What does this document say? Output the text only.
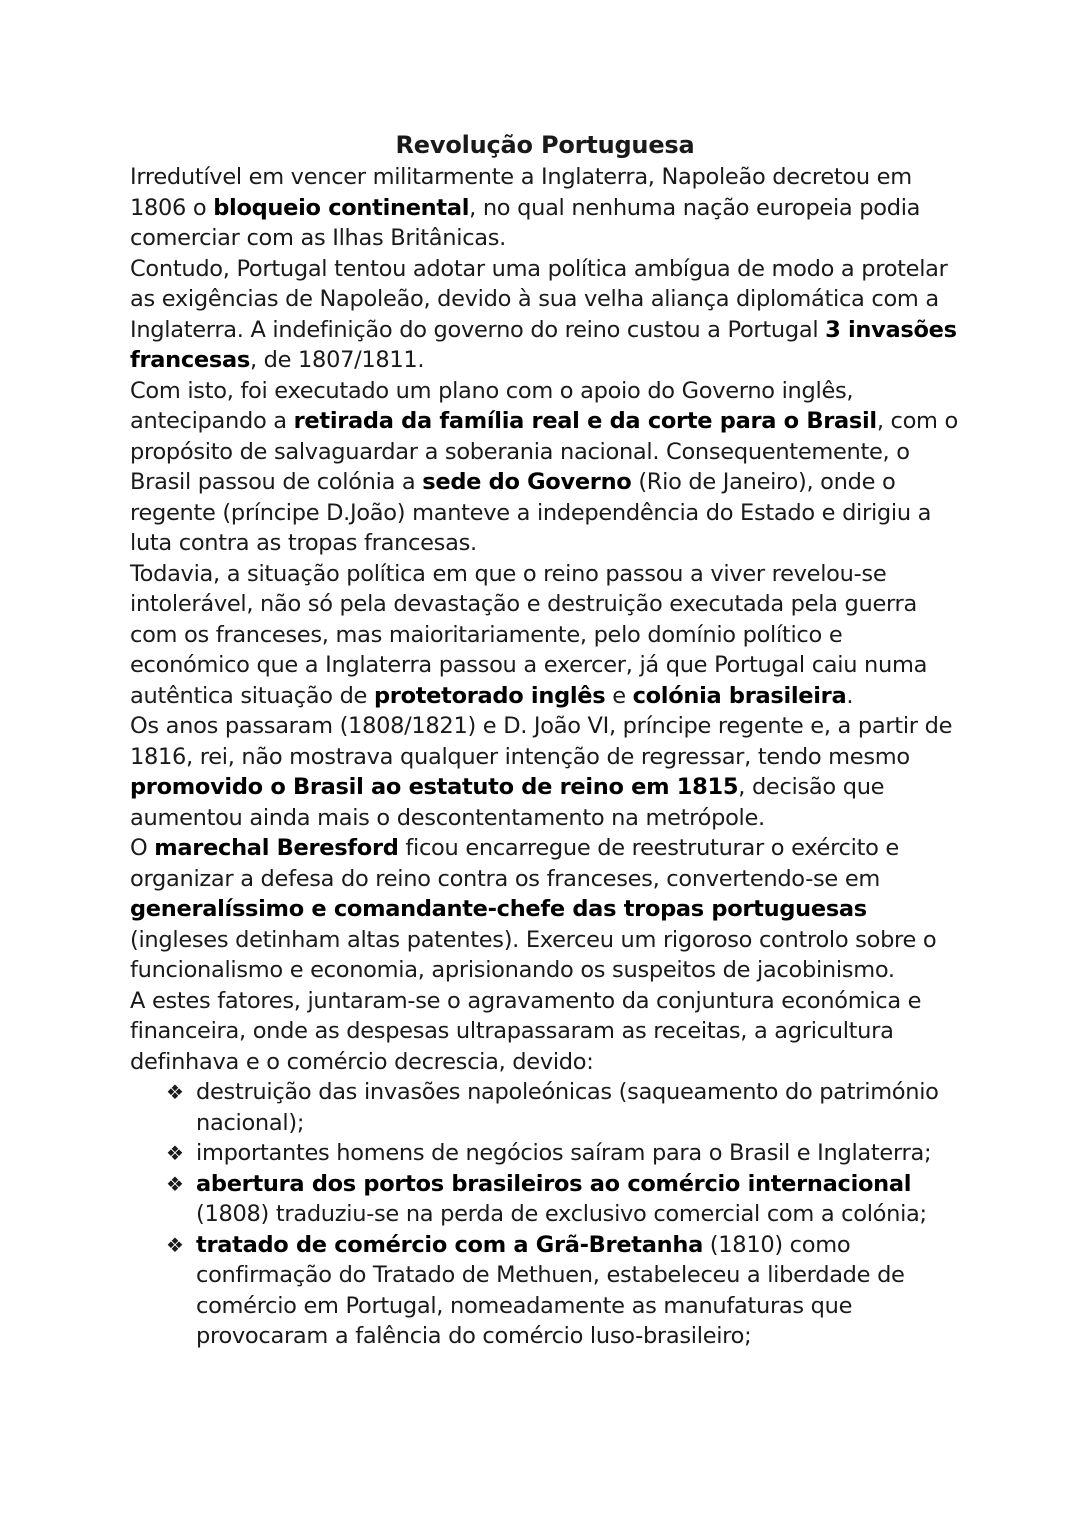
Revolução Portuguesa

Irredutível em vencer militarmente a Inglaterra, Napoleão decretou em 1806 o bloqueio continental, no qual nenhuma nação europeia podia comerciar com as Ilhas Britânicas.

Contudo, Portugal tentou adotar uma política ambígua de modo a protelar as exigências de Napoleão, devido à sua velha aliança diplomática com a Inglaterra. A indefinição do governo do reino custou a Portugal 3 invasões francesas, de 1807/1811.

Com isto, foi executado um plano com o apoio do Governo inglês, antecipando a retirada da família real e da corte para o Brasil, com o propósito de salvaguardar a soberania nacional. Consequentemente, o Brasil passou de colónia a sede do Governo (Rio de Janeiro), onde o regente (príncipe D.João) manteve a independência do Estado e dirigiu a luta contra as tropas francesas.

Todavia, a situação política em que o reino passou a viver revelou-se intolerável, não só pela devastação e destruição executada pela guerra com os franceses, mas maioritariamente, pelo domínio político e económico que a Inglaterra passou a exercer, já que Portugal caiu numa autêntica situação de protetorado inglês e colónia brasileira.

Os anos passaram (1808/1821) e D. João VI, príncipe regente e, a partir de 1816, rei, não mostrava qualquer intenção de regressar, tendo mesmo promovido o Brasil ao estatuto de reino em 1815, decisão que aumentou ainda mais o descontentamento na metrópole.

O marechal Beresford ficou encarregue de reestruturar o exército e organizar a defesa do reino contra os franceses, convertendo-se em generalíssimo e comandante-chefe das tropas portuguesas (ingleses detinham altas patentes). Exerceu um rigoroso controlo sobre o funcionalismo e economia, aprisionando os suspeitos de jacobinismo.

A estes fatores, juntaram-se o agravamento da conjuntura económica e financeira, onde as despesas ultrapassaram as receitas, a agricultura definhava e o comércio decrescia, devido:

❖ destruição das invasões napoleónicas (saqueamento do património nacional);
❖ importantes homens de negócios saíram para o Brasil e Inglaterra;
❖ abertura dos portos brasileiros ao comércio internacional (1808) traduziu-se na perda de exclusivo comercial com a colónia;
❖ tratado de comércio com a Grã-Bretanha (1810) como confirmação do Tratado de Methuen, estabeleceu a liberdade de comércio em Portugal, nomeadamente as manufaturas que provocaram a falência do comércio luso-brasileiro;
